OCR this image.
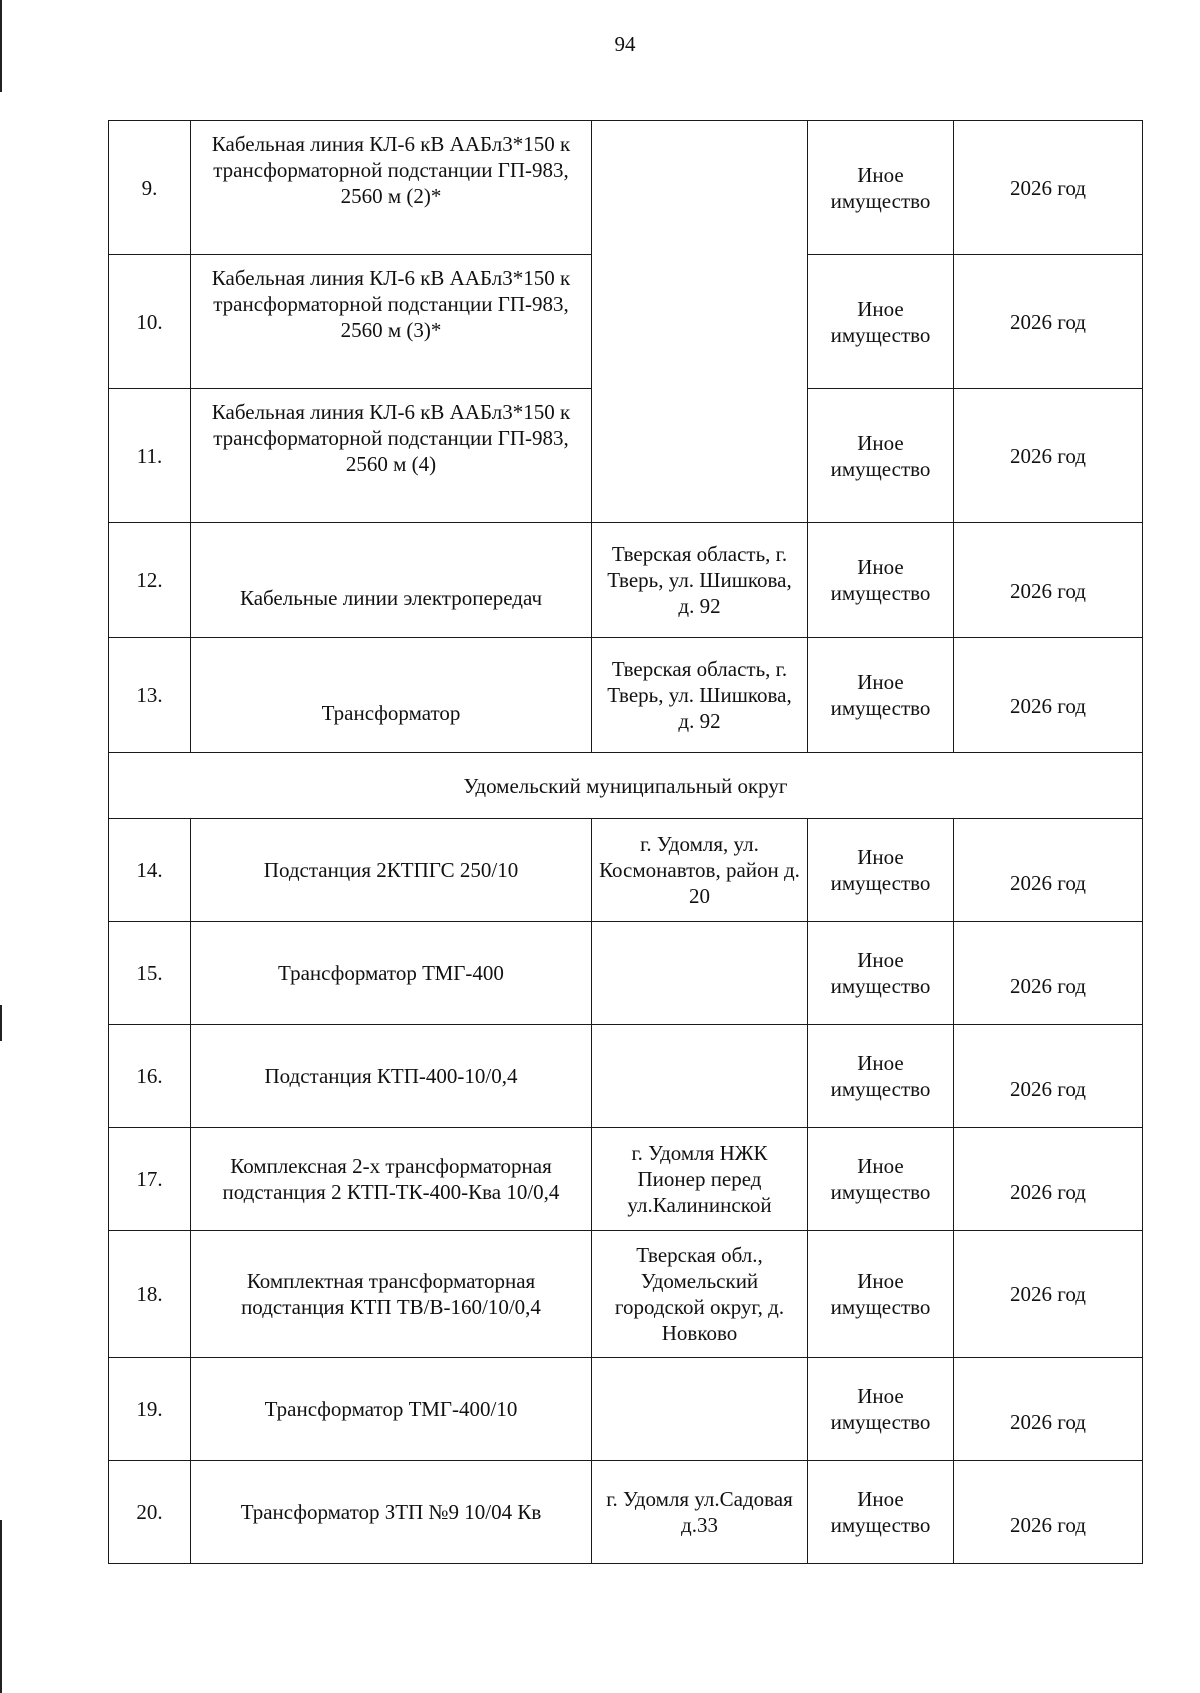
94
9.	Кабельная линия КЛ-6 кВ ААБл3*150 к трансформаторной подстанции ГП-983, 2560 м (2)*		Иное имущество	2026 год
10.	Кабельная линия КЛ-6 кВ ААБл3*150 к трансформаторной подстанции ГП-983, 2560 м (3)*		Иное имущество	2026 год
11.	Кабельная линия КЛ-6 кВ ААБл3*150 к трансформаторной подстанции ГП-983, 2560 м (4)		Иное имущество	2026 год
12.	Кабельные линии электропередач	Тверская область, г. Тверь, ул. Шишкова, д. 92	Иное имущество	2026 год
13.	Трансформатор	Тверская область, г. Тверь, ул. Шишкова, д. 92	Иное имущество	2026 год
Удомельский муниципальный округ				
14.	Подстанция 2КТПГС 250/10	г. Удомля, ул. Космонавтов, район д. 20	Иное имущество	2026 год
15.	Трансформатор ТМГ-400		Иное имущество	2026 год
16.	Подстанция КТП-400-10/0,4		Иное имущество	2026 год
17.	Комплексная 2-х трансформаторная подстанция 2 КТП-ТК-400-Ква 10/0,4	г. Удомля НЖК Пионер перед ул.Калининской	Иное имущество	2026 год
18.	Комплектная трансформаторная подстанция КТП ТВ/В-160/10/0,4	Тверская обл., Удомельский городской округ, д. Новково	Иное имущество	2026 год
19.	Трансформатор ТМГ-400/10		Иное имущество	2026 год
20.	Трансформатор ЗТП №9 10/04 Кв	г. Удомля ул.Садовая д.33	Иное имущество	2026 год
